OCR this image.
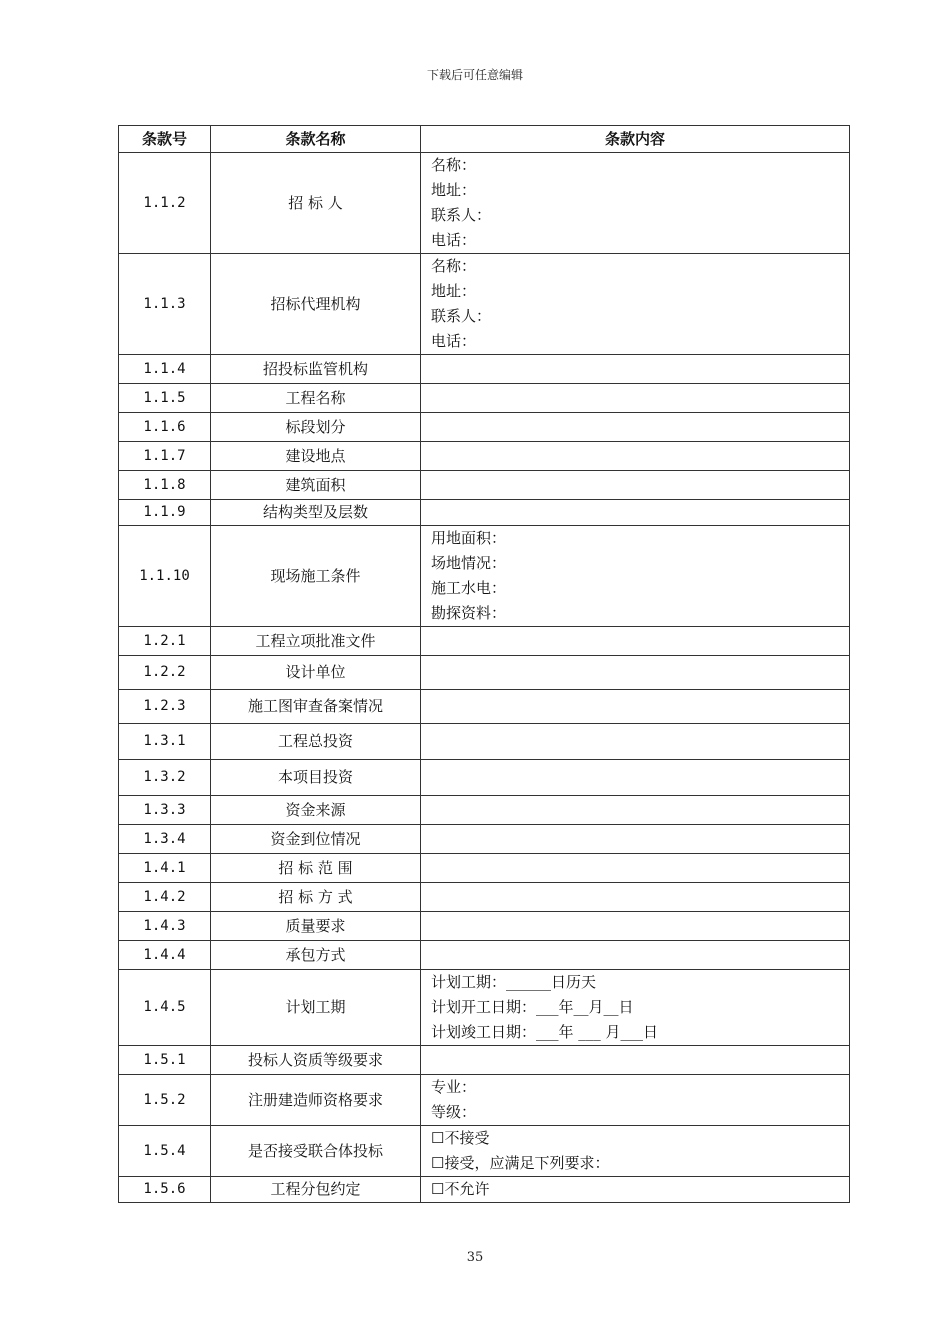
下载后可任意编辑
条款号	条款名称	条款内容
1.1.2	招 标 人	名称：
地址：
联系人：
电话：

1.1.3	招标代理机构	名称：
地址：
联系人：
电话：

1.1.4	招投标监管机构	
1.1.5	工程名称	
1.1.6	标段划分	
1.1.7	建设地点	
1.1.8	建筑面积	
1.1.9	结构类型及层数	
1.1.10	现场施工条件	用地面积：
场地情况：
施工水电：
勘探资料：

1.2.1	工程立项批准文件	
1.2.2	设计单位	
1.2.3	施工图审查备案情况	
1.3.1	工程总投资	
1.3.2	本项目投资	
1.3.3	资金来源	
1.3.4	资金到位情况	
1.4.1	招 标 范 围	
1.4.2	招 标 方 式	
1.4.3	质量要求	
1.4.4	承包方式	
1.4.5	计划工期	计划工期：______日历天
计划开工日期：___年__月__日
计划竣工日期：___年 ___ 月___日

1.5.1	投标人资质等级要求	
1.5.2	注册建造师资格要求	专业：
等级：

1.5.4	是否接受联合体投标	☐不接受
☐接受，应满足下列要求：

1.5.6	工程分包约定	☐不允许
35
